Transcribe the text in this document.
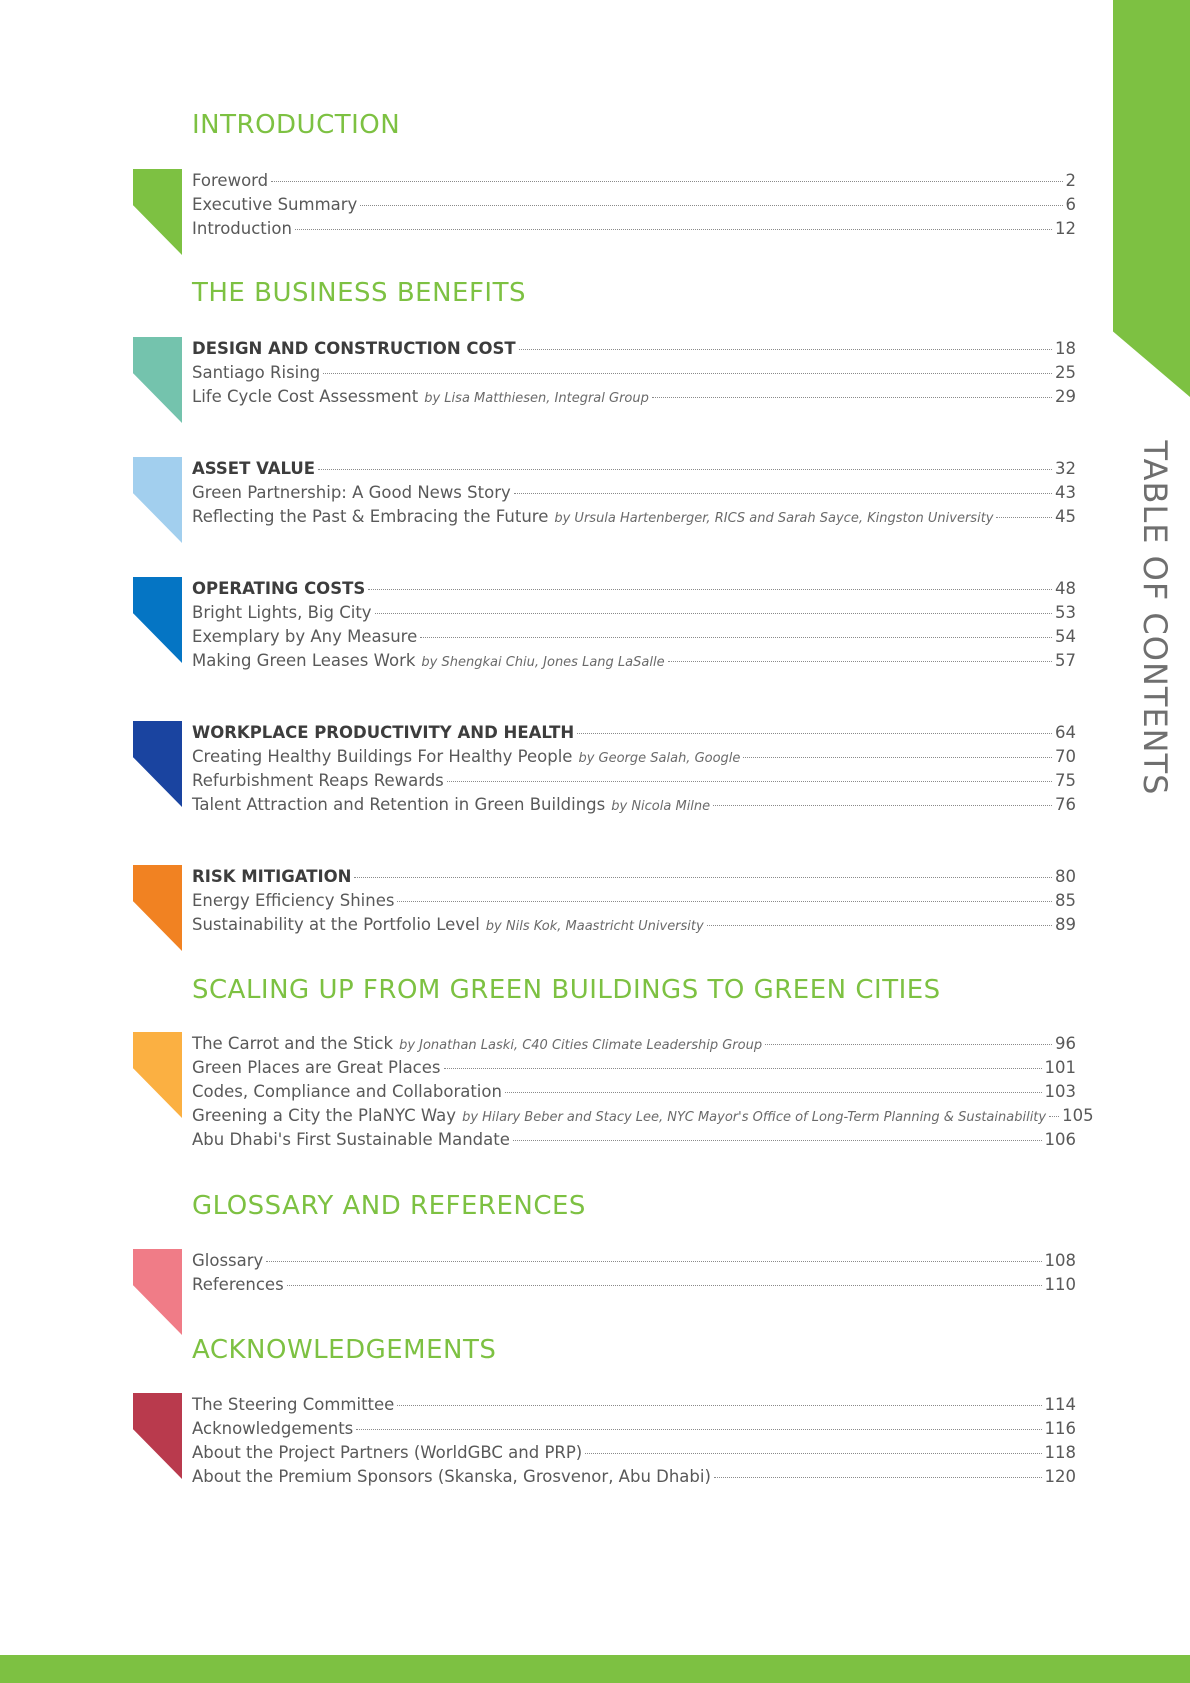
TABLE OF CONTENTS
INTRODUCTION
Foreword	2
Executive Summary	6
Introduction	12
THE BUSINESS BENEFITS
DESIGN AND CONSTRUCTION COST	18
Santiago Rising	25
Life Cycle Cost Assessment by Lisa Matthiesen, Integral Group	29
ASSET VALUE	32
Green Partnership: A Good News Story	43
Reflecting the Past & Embracing the Future by Ursula Hartenberger, RICS and Sarah Sayce, Kingston University	45
OPERATING COSTS	48
Bright Lights, Big City	53
Exemplary by Any Measure	54
Making Green Leases Work by Shengkai Chiu, Jones Lang LaSalle	57
WORKPLACE PRODUCTIVITY AND HEALTH	64
Creating Healthy Buildings For Healthy People by George Salah, Google	70
Refurbishment Reaps Rewards	75
Talent Attraction and Retention in Green Buildings by Nicola Milne	76
RISK MITIGATION	80
Energy Efficiency Shines	85
Sustainability at the Portfolio Level by Nils Kok, Maastricht University	89
SCALING UP FROM GREEN BUILDINGS TO GREEN CITIES
The Carrot and the Stick by Jonathan Laski, C40 Cities Climate Leadership Group	96
Green Places are Great Places	101
Codes, Compliance and Collaboration	103
Greening a City the PlaNYC Way by Hilary Beber and Stacy Lee, NYC Mayor's Office of Long-Term Planning & Sustainability 105
Abu Dhabi's First Sustainable Mandate	106
GLOSSARY AND REFERENCES
Glossary	108
References	110
ACKNOWLEDGEMENTS
The Steering Committee	114
Acknowledgements	116
About the Project Partners (WorldGBC and PRP)	118
About the Premium Sponsors (Skanska, Grosvenor, Abu Dhabi)	120
